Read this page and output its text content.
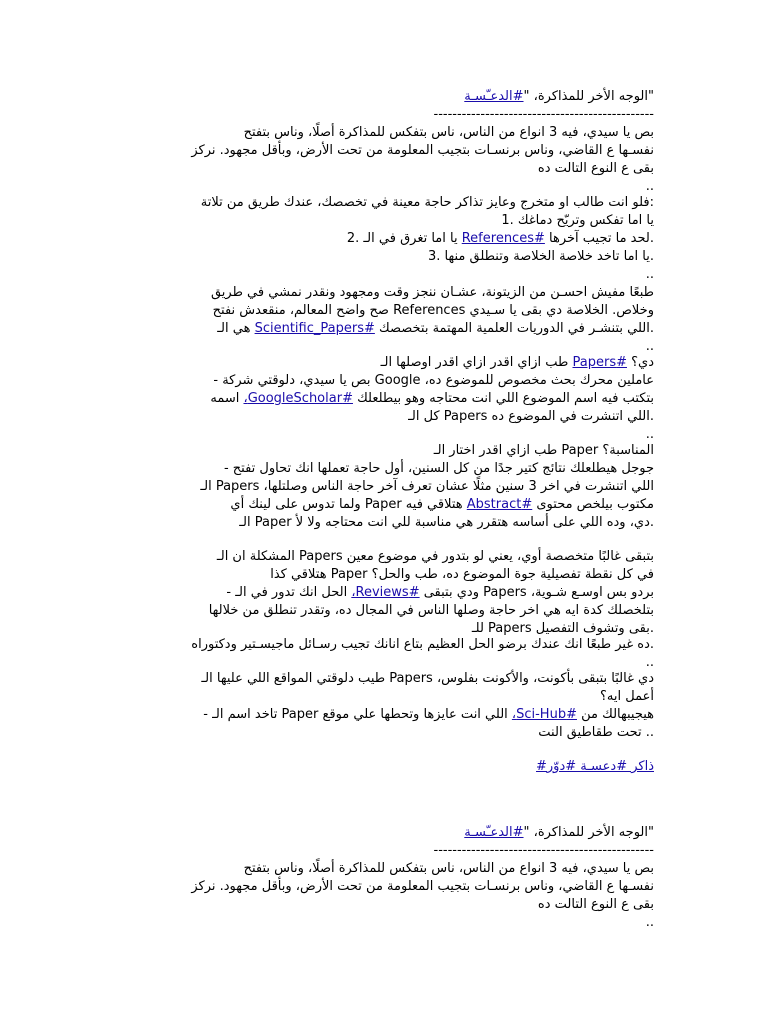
"الوجه الأخر للمذاكرة، "#الدعـّسـة

-----------------------------------------------

بص يا سيدي، فيه 3 انواع من الناس، ناس بتفكس للمذاكرة أصلًا، وناس بتفتح

نفسـها ع القاضي، وناس برنسـات بتجيب المعلومة من تحت الأرض، وبأقل مجهود. نركز

بقى ع النوع التالت ده

..

:فلو انت طالب او متخرج وعايز تذاكر حاجة معينة في تخصصك، عندك طريق من تلاتة

يا اما تفكس وتريّح دماغك .1

.لحد ما تجيب آخرها #References يا اما تغرق في الـ .2

.يا اما تاخد خلاصة الخلاصة وتنطلق منها .3

..

طبعًا مفيش احسـن من الزيتونة، عشـان ننجز وقت ومجهود ونقدر نمشي في طريق

وخلاص. الخلاصة دي بقى يا سـيدي References صح واضح المعالم، منقعدش نفتح

.اللي بتنشـر في الدوريات العلمية المهتمة بتخصصك #Scientific_Papers هي الـ

..

دي؟ #Papers طب ازاي اقدر ازاي اقدر اوصلها الـ

عاملين محرك بحث مخصوص للموضوع ده، Google بص يا سيدي، دلوقتي شركة -

بتكتب فيه اسم الموضوع اللي انت محتاجه وهو بيطلعلك #GoogleScholar، اسمه

.اللي اتنشرت في الموضوع ده Papers كل الـ

..

المناسبة؟ Paper طب ازاي اقدر اختار الـ

جوجل هيطلعلك نتائج كتير جدًا من كل السنين، أول حاجة تعملها انك تحاول تفتح -

اللي اتنشرت في اخر 3 سنين مثلًا عشان تعرف آخر حاجة الناس وصلتلها، Papers الـ

مكتوب بيلخص محتوى #Abstract هتلاقي فيه Paper ولما تدوس على لينك أي

.دي، وده اللي على أساسه هتقرر هي مناسبة للي انت محتاجه ولا لأ Paper الـ

بتبقى غالبًا متخصصة أوي، يعني لو بتدور في موضوع معين Papers المشكلة ان الـ

في كل نقطة تفصيلية جوة الموضوع ده، طب والحل؟ Paper هتلاقي كذا

بردو بس اوسـع شـوية، Papers ودي بتبقى #Reviews، الحل انك تدور في الـ -

بتلخصلك كدة ايه هي اخر حاجة وصلها الناس في المجال ده، وتقدر تنطلق من خلالها

.بقى وتشوف التفصيل Papers للـ

.ده غير طبعًا انك عندك برضو الحل العظيم بتاع انانك تجيب رسـائل ماجيسـتير ودكتوراه

..

دي غالبًا بتبقى بأكونت، والأكونت بفلوس، Papers طيب دلوقتي المواقع اللي عليها الـ

أعمل ايه؟

هيجيبهالك من #Sci-Hub، اللي انت عايزها وتحطها علي موقع Paper تاخد اسم الـ -

.. تحت طقاطيق النت

ذاكر #دعسـة #دوّر#

"الوجه الأخر للمذاكرة، "#الدعـّسـة

-----------------------------------------------

بص يا سيدي، فيه 3 انواع من الناس، ناس بتفكس للمذاكرة أصلًا، وناس بتفتح

نفسـها ع القاضي، وناس برنسـات بتجيب المعلومة من تحت الأرض، وبأقل مجهود. نركز

بقى ع النوع التالت ده

..
